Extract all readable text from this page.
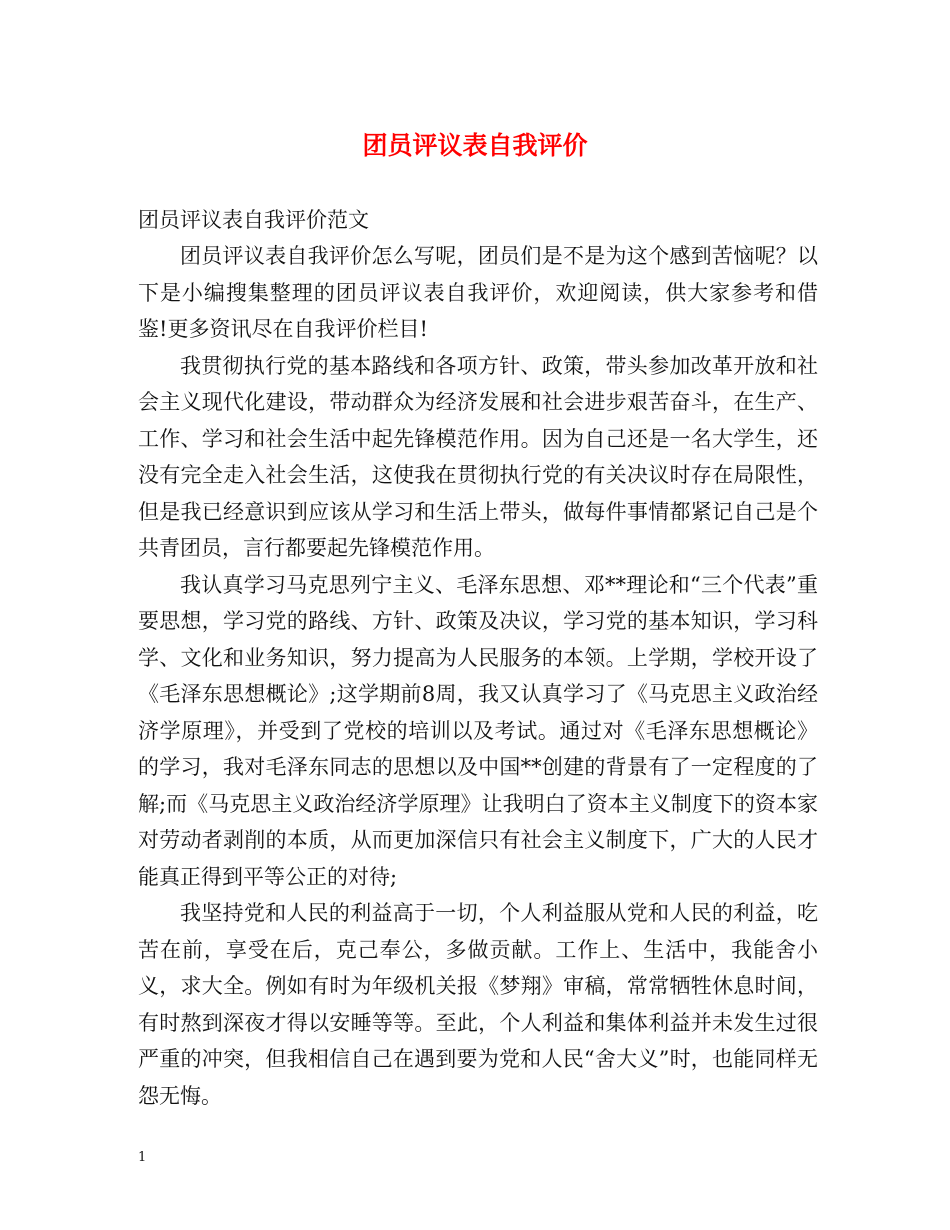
团员评议表自我评价

团员评议表自我评价范文

团员评议表自我评价怎么写呢，团员们是不是为这个感到苦恼呢？以下是小编搜集整理的团员评议表自我评价，欢迎阅读，供大家参考和借鉴!更多资讯尽在自我评价栏目!

我贯彻执行党的基本路线和各项方针、政策，带头参加改革开放和社会主义现代化建设，带动群众为经济发展和社会进步艰苦奋斗，在生产、工作、学习和社会生活中起先锋模范作用。因为自己还是一名大学生，还没有完全走入社会生活，这使我在贯彻执行党的有关决议时存在局限性，但是我已经意识到应该从学习和生活上带头，做每件事情都紧记自己是个共青团员，言行都要起先锋模范作用。

我认真学习马克思列宁主义、毛泽东思想、邓**理论和“三个代表”重要思想，学习党的路线、方针、政策及决议，学习党的基本知识，学习科学、文化和业务知识，努力提高为人民服务的本领。上学期，学校开设了《毛泽东思想概论》;这学期前8周，我又认真学习了《马克思主义政治经济学原理》，并受到了党校的培训以及考试。通过对《毛泽东思想概论》的学习，我对毛泽东同志的思想以及中国**创建的背景有了一定程度的了解;而《马克思主义政治经济学原理》让我明白了资本主义制度下的资本家对劳动者剥削的本质，从而更加深信只有社会主义制度下，广大的人民才能真正得到平等公正的对待;

我坚持党和人民的利益高于一切，个人利益服从党和人民的利益，吃苦在前，享受在后，克己奉公，多做贡献。工作上、生活中，我能舍小义，求大全。例如有时为年级机关报《梦翔》审稿，常常牺牲休息时间，有时熬到深夜才得以安睡等等。至此，个人利益和集体利益并未发生过很严重的冲突，但我相信自己在遇到要为党和人民“舍大义”时，也能同样无怨无悔。

1
